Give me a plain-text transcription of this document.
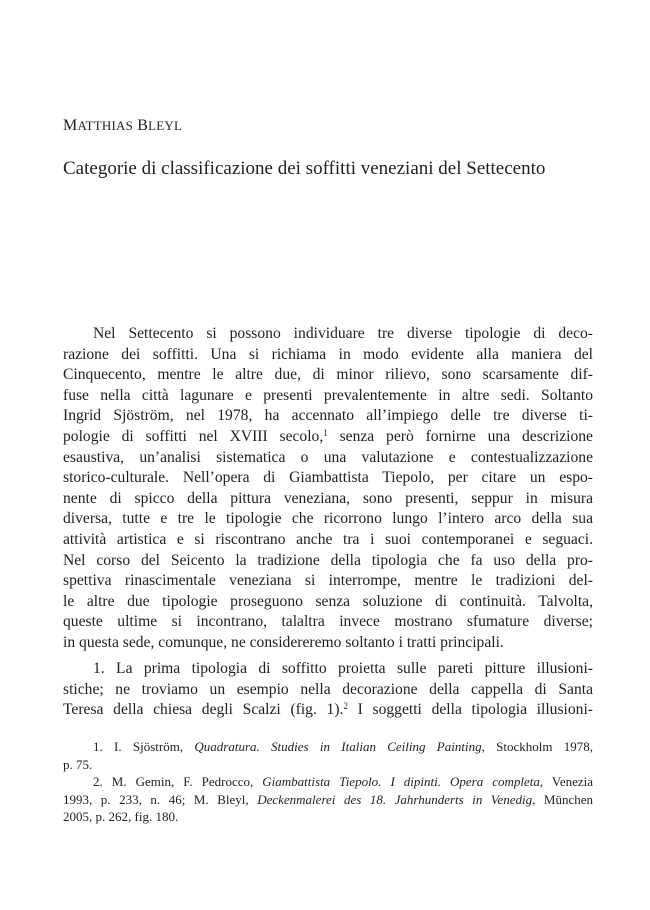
MATTHIAS BLEYL
Categorie di classificazione dei soffitti veneziani del Settecento
Nel Settecento si possono individuare tre diverse tipologie di deco-
razione dei soffitti. Una si richiama in modo evidente alla maniera del
Cinquecento, mentre le altre due, di minor rilievo, sono scarsamente dif-
fuse nella città lagunare e presenti prevalentemente in altre sedi. Soltanto
Ingrid Sjöström, nel 1978, ha accennato all’impiego delle tre diverse ti-
pologie di soffitti nel XVIII secolo,$^1$ senza però fornirne una descrizione
esaustiva, un’analisi sistematica o una valutazione e contestualizzazione
storico-culturale. Nell’opera di Giambattista Tiepolo, per citare un espo-
nente di spicco della pittura veneziana, sono presenti, seppur in misura
diversa, tutte e tre le tipologie che ricorrono lungo l’intero arco della sua
attività artistica e si riscontrano anche tra i suoi contemporanei e seguaci.
Nel corso del Seicento la tradizione della tipologia che fa uso della pro-
spettiva rinascimentale veneziana si interrompe, mentre le tradizioni del-
le altre due tipologie proseguono senza soluzione di continuità. Talvolta,
queste ultime si incontrano, talaltra invece mostrano sfumature diverse;
in questa sede, comunque, ne considereremo soltanto i tratti principali.
1. La prima tipologia di soffitto proietta sulle pareti pitture illusioni-
stiche; ne troviamo un esempio nella decorazione della cappella di Santa
Teresa della chiesa degli Scalzi (fig. 1).$^2$ I soggetti della tipologia illusioni-
1. I. Sjöström, Quadratura. Studies in Italian Ceiling Painting, Stockholm 1978,
p. 75.
2. M. Gemin, F. Pedrocco, Giambattista Tiepolo. I dipinti. Opera completa, Venezia
1993, p. 233, n. 46; M. Bleyl, Deckenmalerei des 18. Jahrhunderts in Venedig, München
2005, p. 262, fig. 180.
